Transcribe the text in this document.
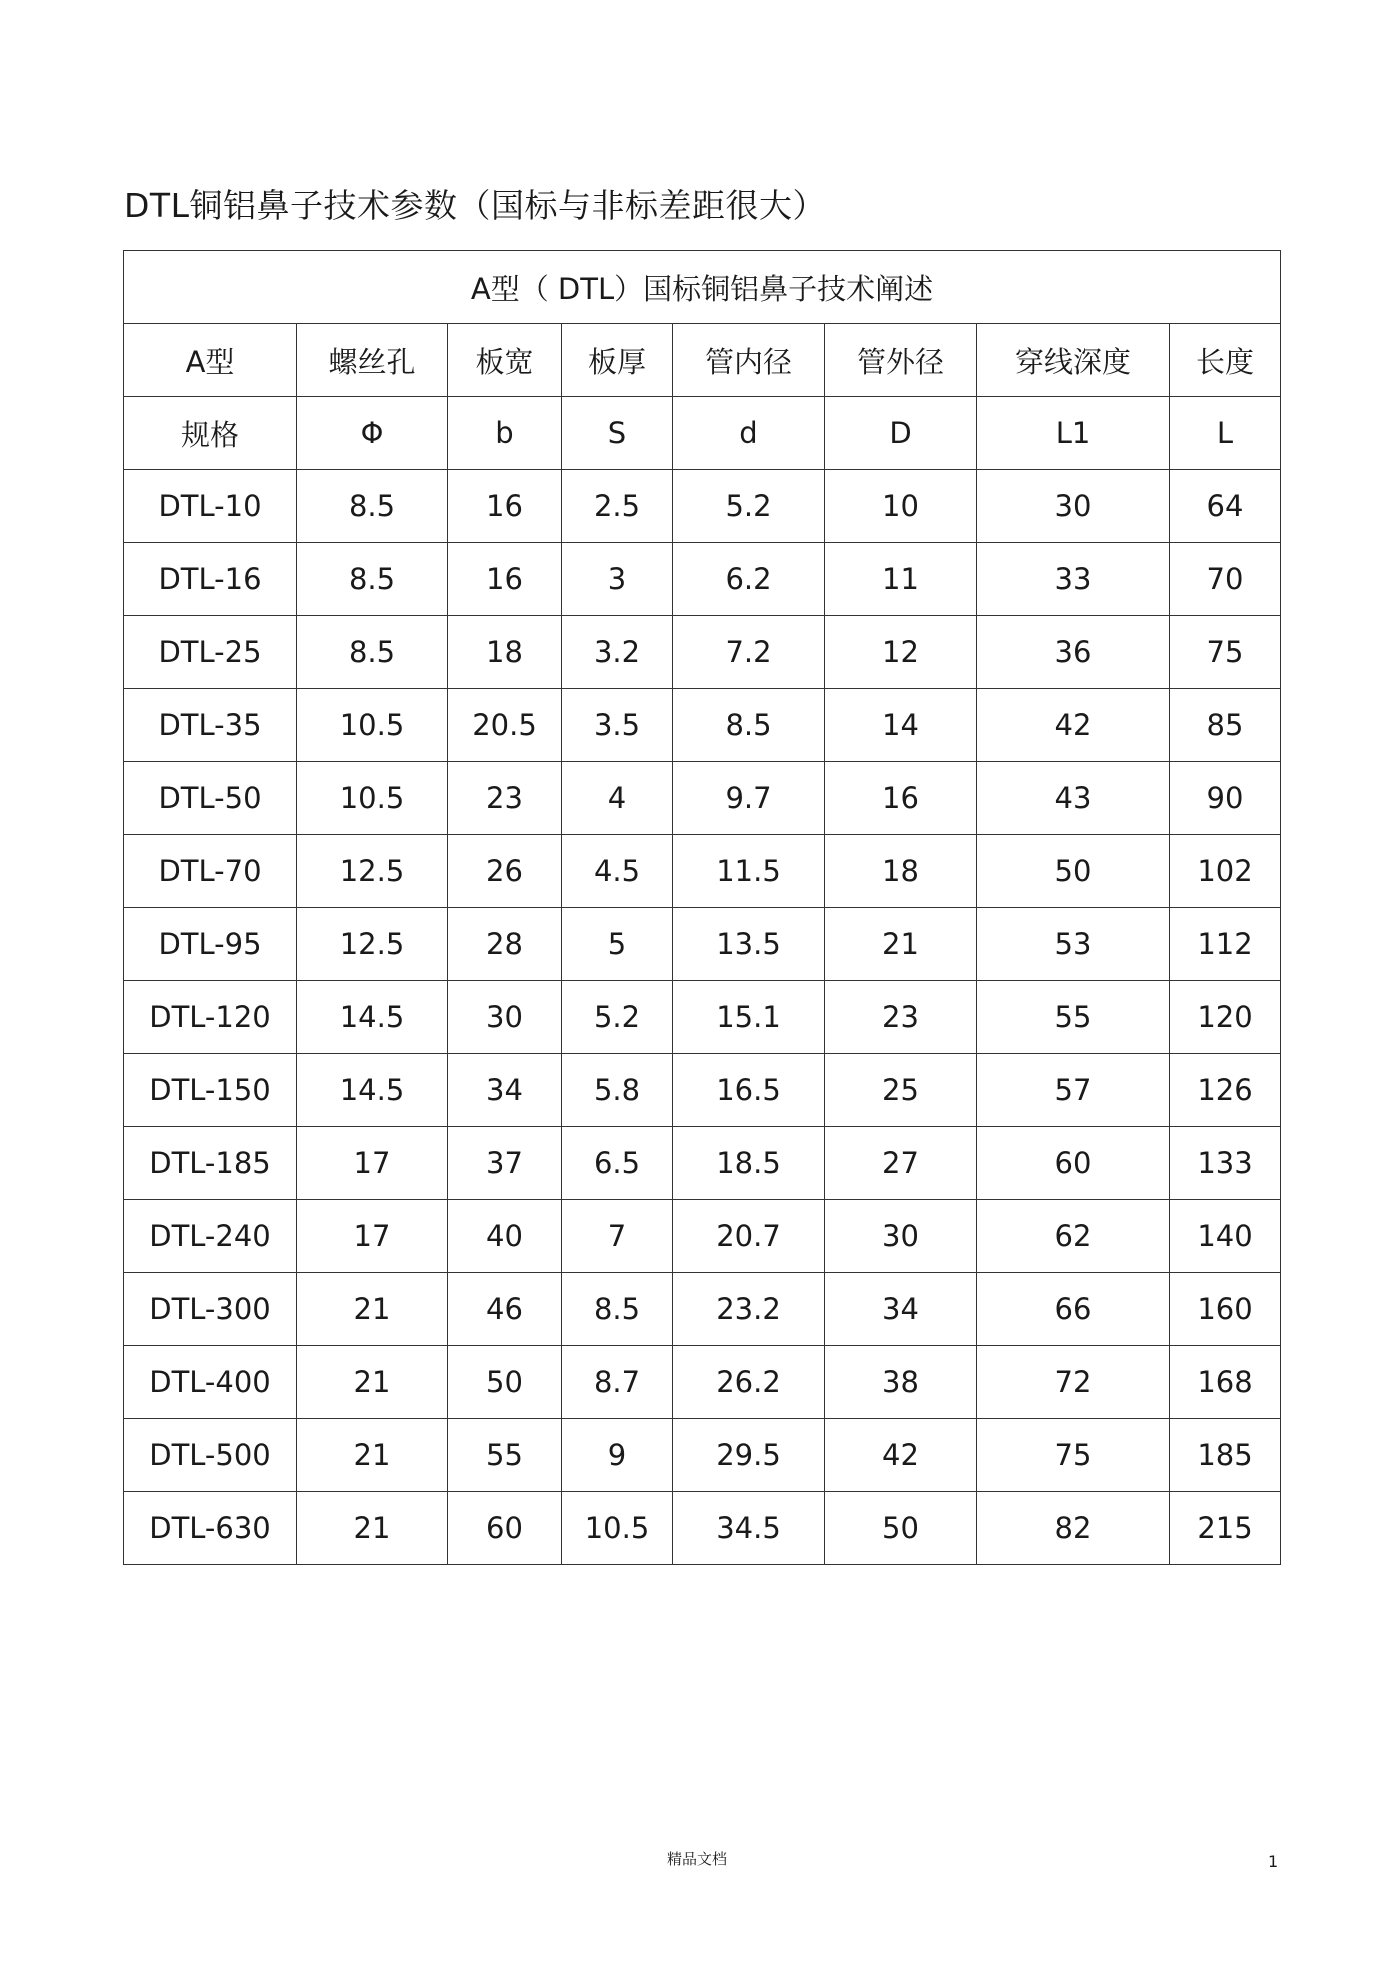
DTL铜铝鼻子技术参数（国标与非标差距很大）
A型（ DTL）国标铜铝鼻子技术阐述							
A型	螺丝孔	板宽	板厚	管内径	管外径	穿线深度	长度
规格	Φ	b	S	d	D	L1	L
DTL-10	8.5	16	2.5	5.2	10	30	64
DTL-16	8.5	16	3	6.2	11	33	70
DTL-25	8.5	18	3.2	7.2	12	36	75
DTL-35	10.5	20.5	3.5	8.5	14	42	85
DTL-50	10.5	23	4	9.7	16	43	90
DTL-70	12.5	26	4.5	11.5	18	50	102
DTL-95	12.5	28	5	13.5	21	53	112
DTL-120	14.5	30	5.2	15.1	23	55	120
DTL-150	14.5	34	5.8	16.5	25	57	126
DTL-185	17	37	6.5	18.5	27	60	133
DTL-240	17	40	7	20.7	30	62	140
DTL-300	21	46	8.5	23.2	34	66	160
DTL-400	21	50	8.7	26.2	38	72	168
DTL-500	21	55	9	29.5	42	75	185
DTL-630	21	60	10.5	34.5	50	82	215
精品文档	1
